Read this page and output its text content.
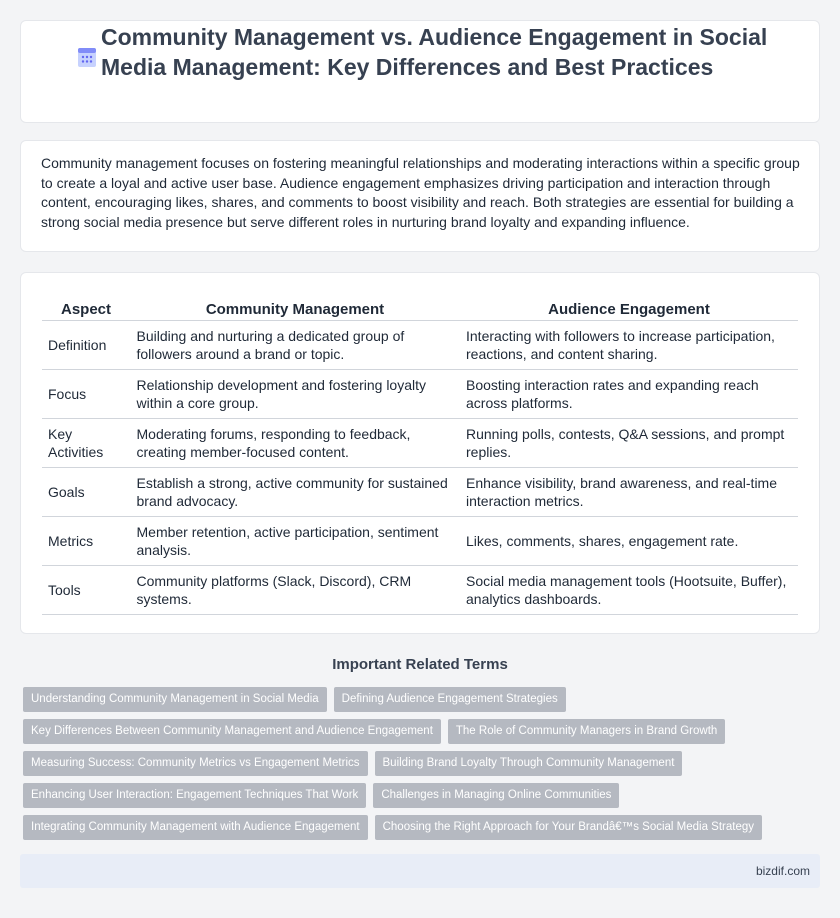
Community Management vs. Audience Engagement in Social Media Management: Key Differences and Best Practices

Community management focuses on fostering meaningful relationships and moderating interactions within a specific group to create a loyal and active user base. Audience engagement emphasizes driving participation and interaction through content, encouraging likes, shares, and comments to boost visibility and reach. Both strategies are essential for building a strong social media presence but serve different roles in nurturing brand loyalty and expanding influence.

Aspect	Community Management	Audience Engagement
Definition	Building and nurturing a dedicated group of followers around a brand or topic.	Interacting with followers to increase participation, reactions, and content sharing.
Focus	Relationship development and fostering loyalty within a core group.	Boosting interaction rates and expanding reach across platforms.
Key Activities	Moderating forums, responding to feedback, creating member-focused content.	Running polls, contests, Q&A sessions, and prompt replies.
Goals	Establish a strong, active community for sustained brand advocacy.	Enhance visibility, brand awareness, and real-time interaction metrics.
Metrics	Member retention, active participation, sentiment analysis.	Likes, comments, shares, engagement rate.
Tools	Community platforms (Slack, Discord), CRM systems.	Social media management tools (Hootsuite, Buffer), analytics dashboards.
Important Related Terms
Understanding Community Management in Social Media	Defining Audience Engagement Strategies
Key Differences Between Community Management and Audience Engagement	The Role of Community Managers in Brand Growth
Measuring Success: Community Metrics vs Engagement Metrics	Building Brand Loyalty Through Community Management
Enhancing User Interaction: Engagement Techniques That Work	Challenges in Managing Online Communities
Integrating Community Management with Audience Engagement	Choosing the Right Approach for Your Brandâ€™s Social Media Strategy
bizdif.com
